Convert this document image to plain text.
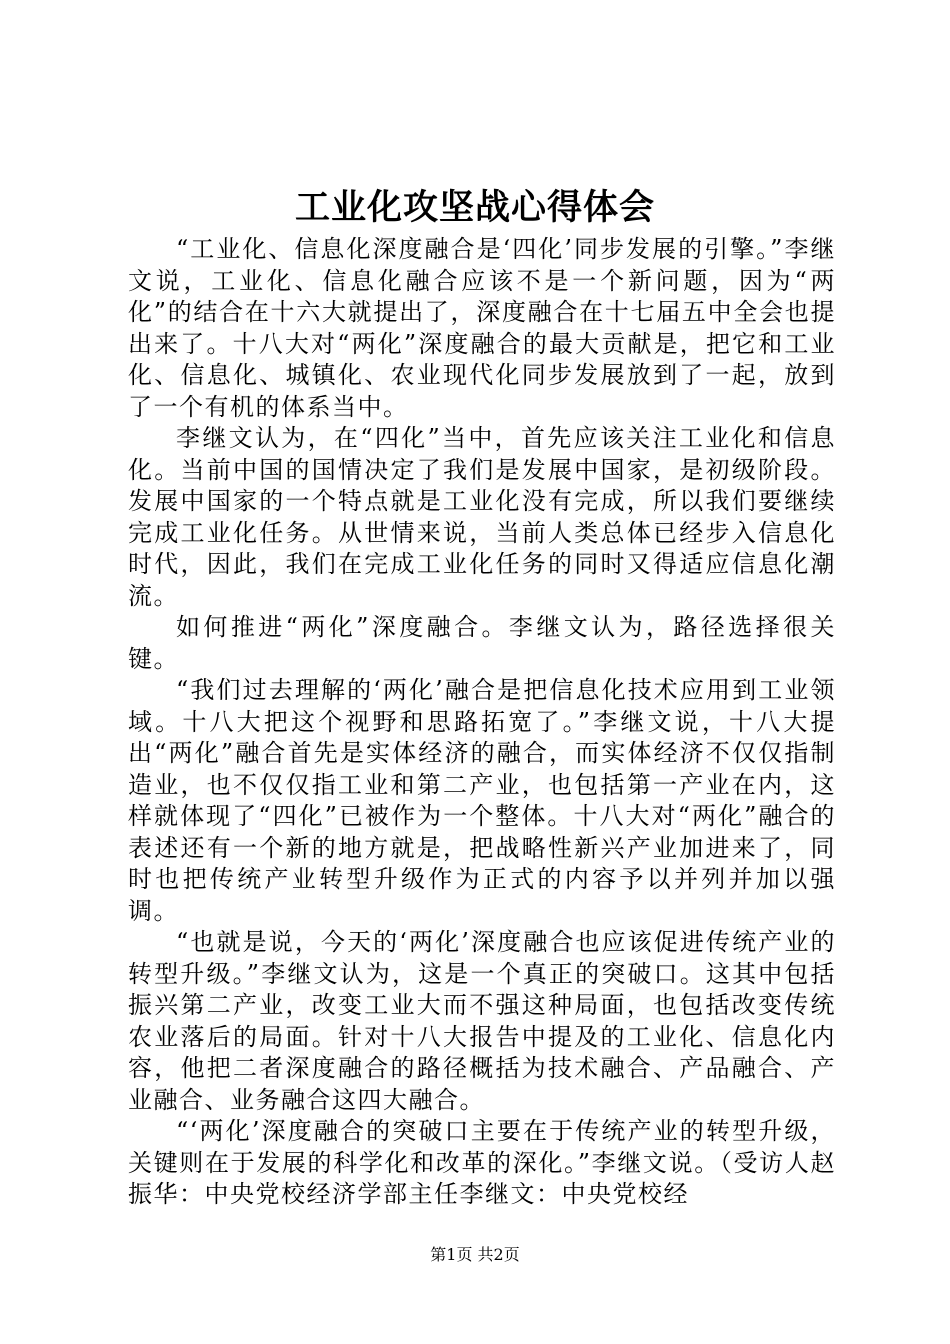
工业化攻坚战心得体会

“工业化、信息化深度融合是‘四化’同步发展的引擎。”李继文说，工业化、信息化融合应该不是一个新问题，因为“两化”的结合在十六大就提出了，深度融合在十七届五中全会也提出来了。十八大对“两化”深度融合的最大贡献是，把它和工业化、信息化、城镇化、农业现代化同步发展放到了一起，放到了一个有机的体系当中。

李继文认为，在“四化”当中，首先应该关注工业化和信息化。当前中国的国情决定了我们是发展中国家，是初级阶段。发展中国家的一个特点就是工业化没有完成，所以我们要继续完成工业化任务。从世情来说，当前人类总体已经步入信息化时代，因此，我们在完成工业化任务的同时又得适应信息化潮流。

如何推进“两化”深度融合。李继文认为，路径选择很关键。

“我们过去理解的‘两化’融合是把信息化技术应用到工业领域。十八大把这个视野和思路拓宽了。”李继文说，十八大提出“两化”融合首先是实体经济的融合，而实体经济不仅仅指制造业，也不仅仅指工业和第二产业，也包括第一产业在内，这样就体现了“四化”已被作为一个整体。十八大对“两化”融合的表述还有一个新的地方就是，把战略性新兴产业加进来了，同时也把传统产业转型升级作为正式的内容予以并列并加以强调。

“也就是说，今天的‘两化’深度融合也应该促进传统产业的转型升级。”李继文认为，这是一个真正的突破口。这其中包括振兴第二产业，改变工业大而不强这种局面，也包括改变传统农业落后的局面。针对十八大报告中提及的工业化、信息化内容，他把二者深度融合的路径概括为技术融合、产品融合、产业融合、业务融合这四大融合。

“‘两化’深度融合的突破口主要在于传统产业的转型升级，关键则在于发展的科学化和改革的深化。”李继文说。（受访人赵振华：中央党校经济学部主任李继文：中央党校经

第1页 共2页
